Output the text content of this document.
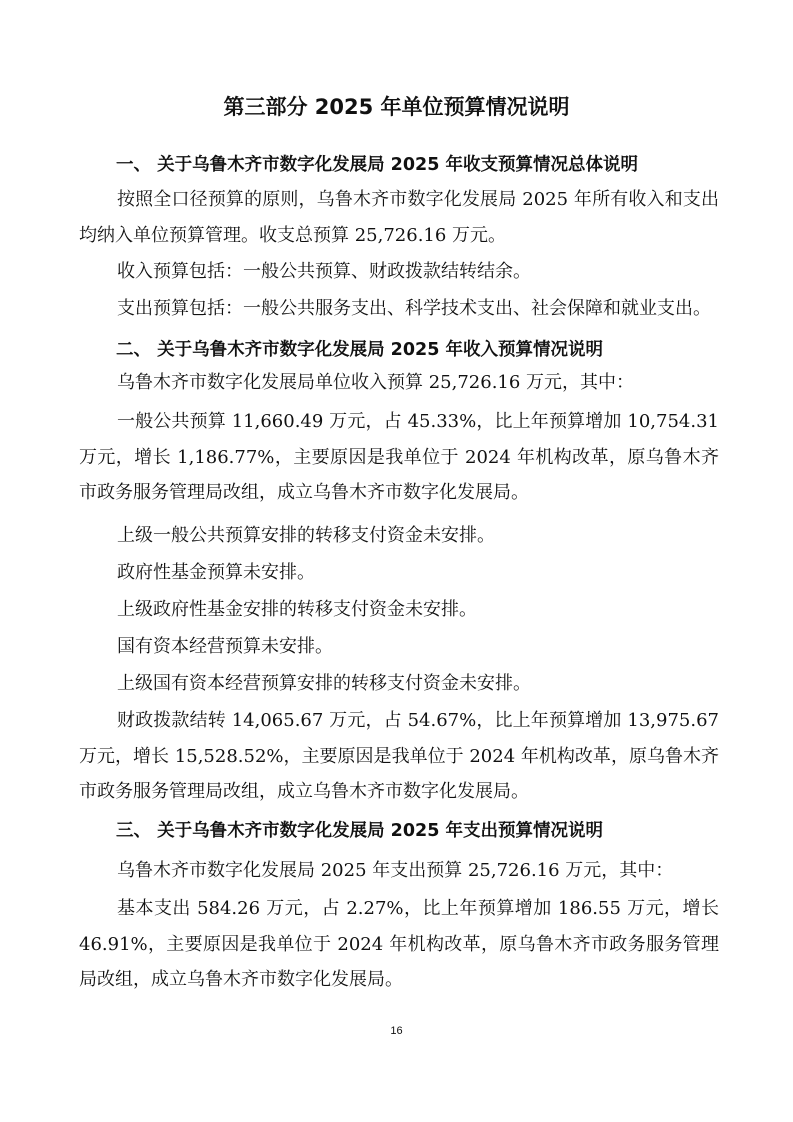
第三部分 2025 年单位预算情况说明
一、 关于乌鲁木齐市数字化发展局 2025 年收支预算情况总体说明
按照全口径预算的原则，乌鲁木齐市数字化发展局 2025 年所有收入和支出均纳入单位预算管理。收支总预算 25,726.16 万元。
收入预算包括：一般公共预算、财政拨款结转结余。
支出预算包括：一般公共服务支出、科学技术支出、社会保障和就业支出。
二、 关于乌鲁木齐市数字化发展局 2025 年收入预算情况说明
乌鲁木齐市数字化发展局单位收入预算 25,726.16 万元，其中：
一般公共预算 11,660.49 万元，占 45.33%，比上年预算增加 10,754.31 万元，增长 1,186.77%，主要原因是我单位于 2024 年机构改革，原乌鲁木齐市政务服务管理局改组，成立乌鲁木齐市数字化发展局。
上级一般公共预算安排的转移支付资金未安排。
政府性基金预算未安排。
上级政府性基金安排的转移支付资金未安排。
国有资本经营预算未安排。
上级国有资本经营预算安排的转移支付资金未安排。
财政拨款结转 14,065.67 万元，占 54.67%，比上年预算增加 13,975.67 万元，增长 15,528.52%，主要原因是我单位于 2024 年机构改革，原乌鲁木齐市政务服务管理局改组，成立乌鲁木齐市数字化发展局。
三、 关于乌鲁木齐市数字化发展局 2025 年支出预算情况说明
乌鲁木齐市数字化发展局 2025 年支出预算 25,726.16 万元，其中：
基本支出 584.26 万元，占 2.27%，比上年预算增加 186.55 万元，增长 46.91%，主要原因是我单位于 2024 年机构改革，原乌鲁木齐市政务服务管理局改组，成立乌鲁木齐市数字化发展局。
16
